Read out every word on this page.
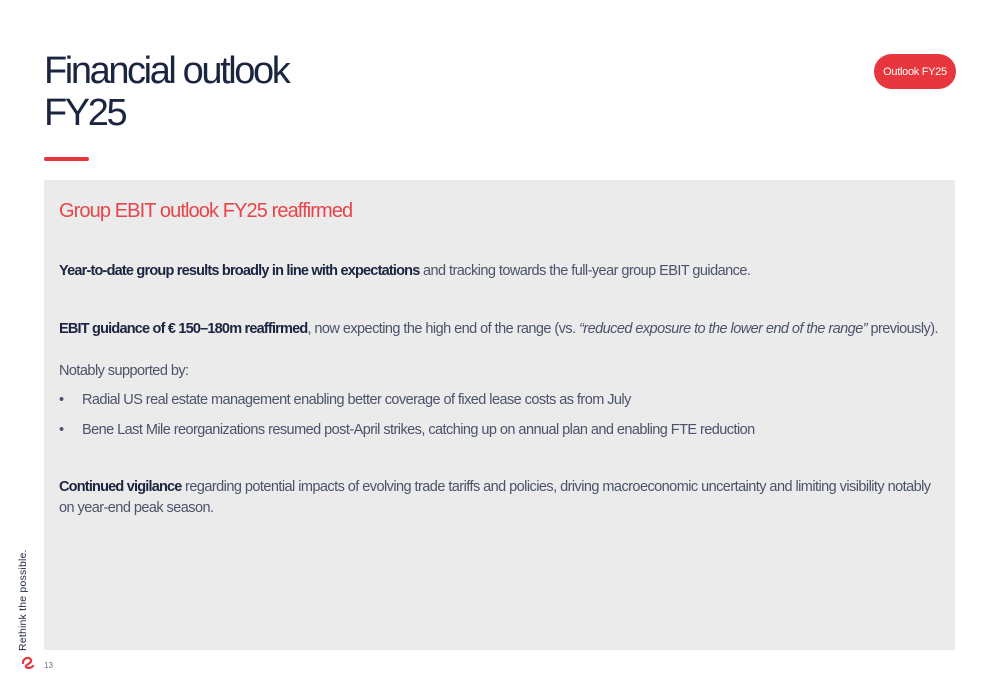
Financial outlook
FY25
Outlook FY25
Group EBIT outlook FY25 reaffirmed
Year-to-date group results broadly in line with expectations and tracking towards the full-year group EBIT guidance.
EBIT guidance of € 150–180m reaffirmed, now expecting the high end of the range (vs. “reduced exposure to the lower end of the range” previously).
Notably supported by:
• Radial US real estate management enabling better coverage of fixed lease costs as from July
• Bene Last Mile reorganizations resumed post-April strikes, catching up on annual plan and enabling FTE reduction
Continued vigilance regarding potential impacts of evolving trade tariffs and policies, driving macroeconomic uncertainty and limiting visibility notably on year-end peak season.
Rethink the possible.
13
